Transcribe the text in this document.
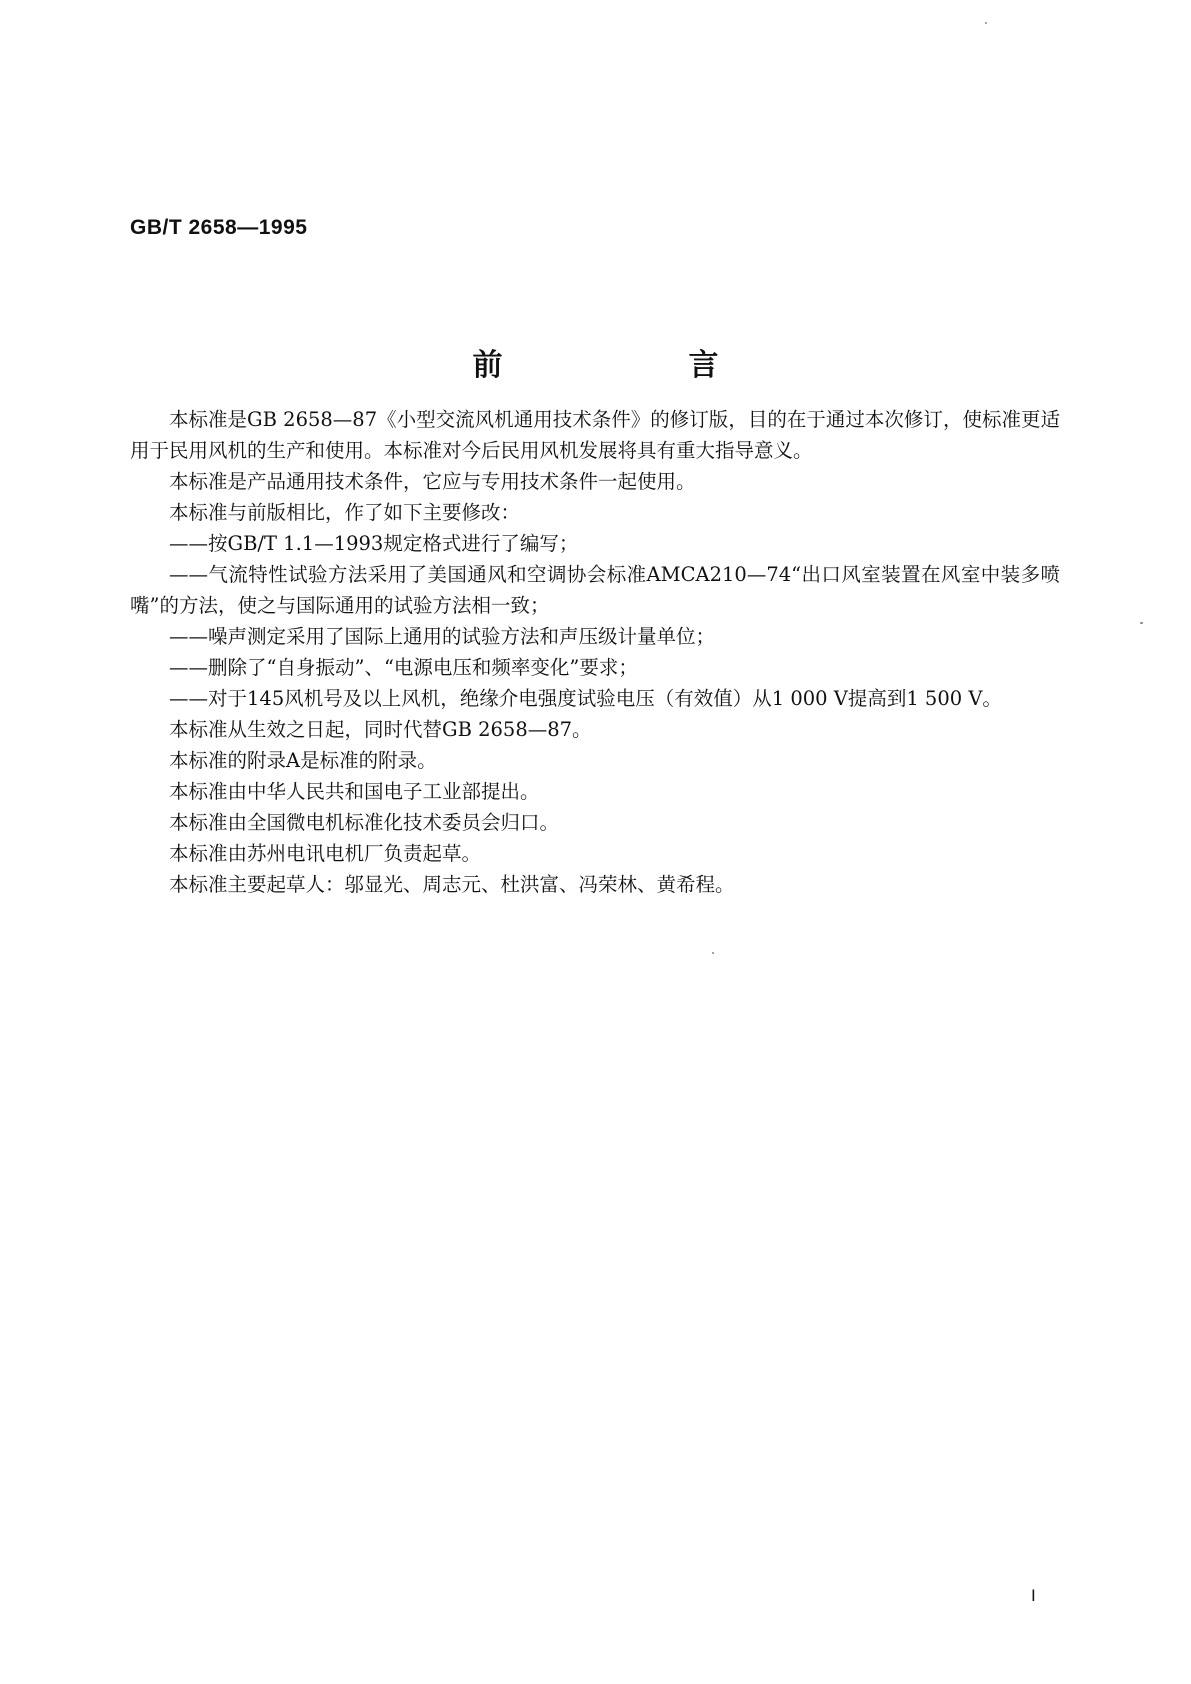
GB/T 2658—1995
前　言

本标准是GB 2658—87《小型交流风机通用技术条件》的修订版，目的在于通过本次修订，使标准更适用于民用风机的生产和使用。本标准对今后民用风机发展将具有重大指导意义。

本标准是产品通用技术条件，它应与专用技术条件一起使用。

本标准与前版相比，作了如下主要修改：

——按GB/T 1.1—1993规定格式进行了编写；

——气流特性试验方法采用了美国通风和空调协会标准AMCA210—74“出口风室装置在风室中装多喷嘴”的方法，使之与国际通用的试验方法相一致；

——噪声测定采用了国际上通用的试验方法和声压级计量单位；

——删除了“自身振动”、“电源电压和频率变化”要求；

——对于145风机号及以上风机，绝缘介电强度试验电压（有效值）从1 000 V提高到1 500 V。

本标准从生效之日起，同时代替GB 2658—87。

本标准的附录A是标准的附录。

本标准由中华人民共和国电子工业部提出。

本标准由全国微电机标准化技术委员会归口。

本标准由苏州电讯电机厂负责起草。

本标准主要起草人：邬显光、周志元、杜洪富、冯荣林、黄希程。

I
